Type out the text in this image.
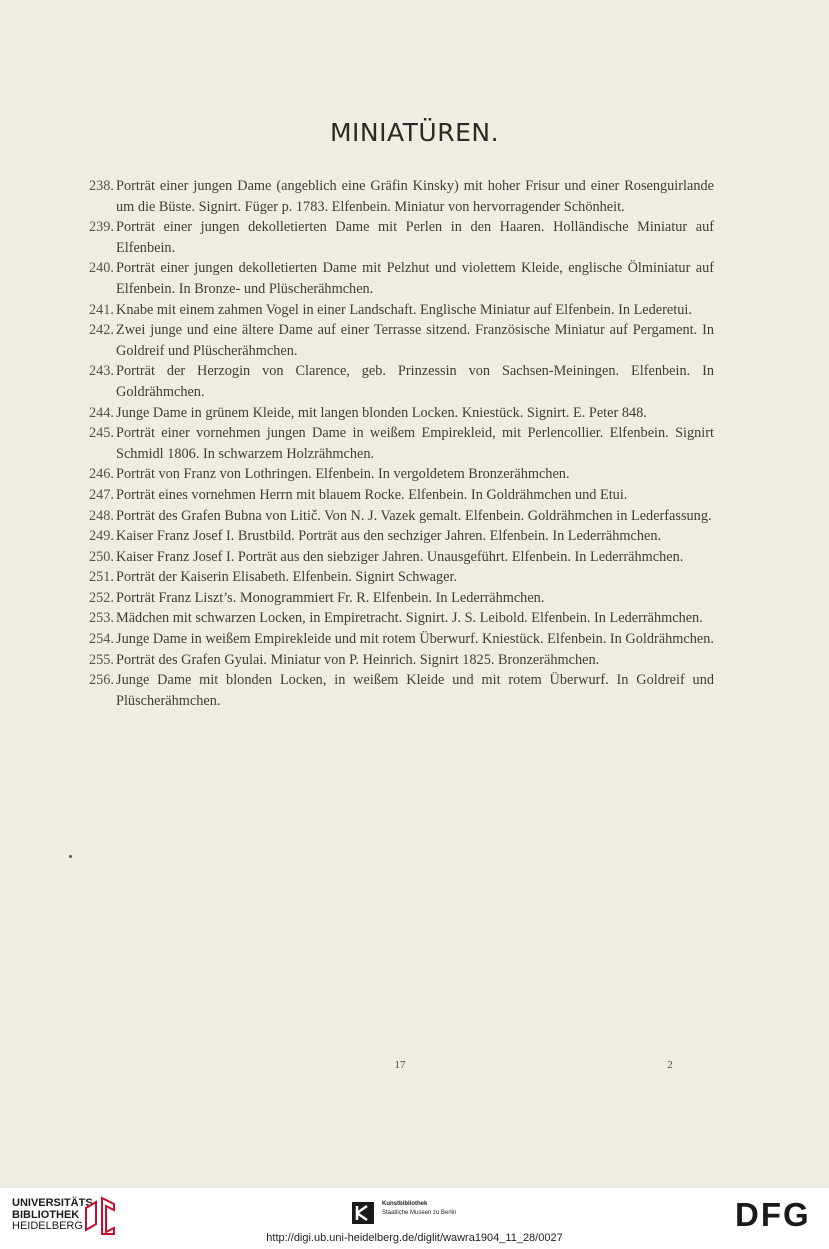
MINIATÜREN.
238. Porträt einer jungen Dame (angeblich eine Gräfin Kinsky) mit hoher Frisur und einer Rosenguirlande um die Büste. Signirt. Füger p. 1783. Elfenbein. Miniatur von hervorragender Schönheit.
239. Porträt einer jungen dekolletierten Dame mit Perlen in den Haaren. Holländische Miniatur auf Elfenbein.
240. Porträt einer jungen dekolletierten Dame mit Pelzhut und violettem Kleide, englische Ölminiatur auf Elfenbein. In Bronze- und Plüscherähmchen.
241. Knabe mit einem zahmen Vogel in einer Landschaft. Englische Miniatur auf Elfenbein. In Lederetui.
242. Zwei junge und eine ältere Dame auf einer Terrasse sitzend. Französische Miniatur auf Pergament. In Goldreif und Plüscherähmchen.
243. Porträt der Herzogin von Clarence, geb. Prinzessin von Sachsen-Meiningen. Elfenbein. In Goldrähmchen.
244. Junge Dame in grünem Kleide, mit langen blonden Locken. Kniestück. Signirt. E. Peter 848.
245. Porträt einer vornehmen jungen Dame in weißem Empirekleid, mit Perlencollier. Elfenbein. Signirt Schmidl 1806. In schwarzem Holzrähmchen.
246. Porträt von Franz von Lothringen. Elfenbein. In vergoldetem Bronzerähmchen.
247. Porträt eines vornehmen Herrn mit blauem Rocke. Elfenbein. In Goldrähmchen und Etui.
248. Porträt des Grafen Bubna von Litič. Von N. J. Vazek gemalt. Elfenbein. Goldrähmchen in Lederfassung.
249. Kaiser Franz Josef I. Brustbild. Porträt aus den sechziger Jahren. Elfenbein. In Lederrähmchen.
250. Kaiser Franz Josef I. Porträt aus den siebziger Jahren. Unausgeführt. Elfenbein. In Lederrähmchen.
251. Porträt der Kaiserin Elisabeth. Elfenbein. Signirt Schwager.
252. Porträt Franz Liszt’s. Monogrammiert Fr. R. Elfenbein. In Lederrähmchen.
253. Mädchen mit schwarzen Locken, in Empiretracht. Signirt. J. S. Leibold. Elfenbein. In Lederrähmchen.
254. Junge Dame in weißem Empirekleide und mit rotem Überwurf. Kniestück. Elfenbein. In Goldrähmchen.
255. Porträt des Grafen Gyulai. Miniatur von P. Heinrich. Signirt 1825. Bronzerähmchen.
256. Junge Dame mit blonden Locken, in weißem Kleide und mit rotem Überwurf. In Goldreif und Plüscherähmchen.
17	2
UNIVERSITÄTS-
BIBLIOTHEK
HEIDELBERG
Kunstbibliothek
Staatliche Museen zu Berlin	DFG
http://digi.ub.uni-heidelberg.de/diglit/wawra1904_11_28/0027
